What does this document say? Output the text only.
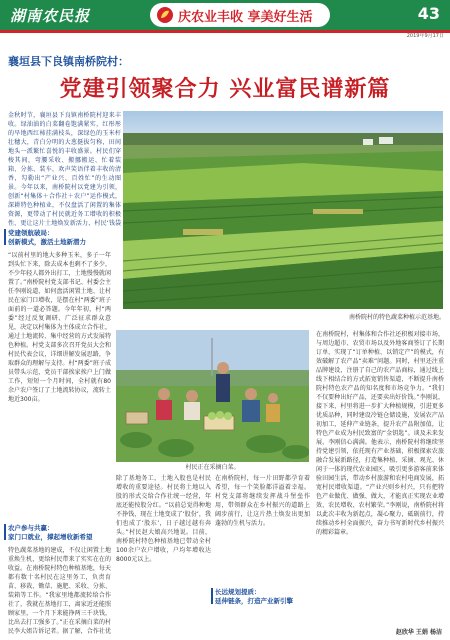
湖南农民报	庆农业丰收 享美好生活	43
2019年9月17日
襄垣县下良镇南桥院村：
党建引领聚合力 兴业富民谱新篇
金秋时节，襄垣县下良镇南桥院村迎来丰收。绿油油的白菜翻卷饱满紧实，红彤彤的旱地西红柿挂满枝头，深绿色的玉米杆壮穗大，青白分明的大葱挺拔匀称，田间地头一派繁忙喜悦的丰收盛景。村民们穿梭其间，弯腰采收、搬挪搬运、忙着装箱、分拣、装车，欢声笑语伴着丰收的清香，勾勒出“产业兴、百姓忙”的生动图景。今年以来，南桥院村以党建为引领，创新“村集体＋合作社＋农户”运作模式，深耕特色种植业，不仅盘活了闲置的集体资源，更带动了村民就近务工增收的积极性，更让这片土地焕发新活力，村民‘钱袋
南桥院村的特色蔬菜种植示范基地。
党建领航破局：
创新模式，激活土地新潜力
“以前村里的地大多种玉米，多子一年到头忙下来，除去成本也剩不了多少，不少年轻人都外出打工，土地慢慢就闲置了。”南桥院村党支部书记、村委会主任李刚说道，如何盘活闲置土地、让村民在家门口增收，是摆在村“两委”班子面前的一道必答题。今年年初，村“两委”经过反复调研、广泛征求群众意见，决定以村集体为主体成立合作社，通过土地流转、集中经营的方式发展特色种植。村党支部多次召开党员大会和村民代表会议，详细讲解发展思路，争取群众的理解与支持。村“两委”班子成员带头示范，党员干部挨家挨户上门做工作，短短一个月时间，全村就有80余户农户签订了土地流转协议，流转土地近300亩。
农户参与共赢：
家门口就业，撑起增收新希望
特色蔬菜基地的建成，不仅让闲置土地重焕生机，更给村民带来了实实在在的收益。在南桥院村特色种植基地，每天都有数十名村民在这里务工，负责育苗、移栽、锄草、施肥、采收、分拣、装箱等工作。“我家里地都流转给合作社了，我就在基地打工，离家近还能照顾家里，一个月下来能挣两三千块钱，比出去打工强多了。”正在采摘白菜的村民李大姐告诉记者。据了解，合作社优
村民正在采摘白菜。
除了基地务工，土地入股也是村民增收的重要途径。村民将土地以入股的形式交给合作社统一经营，年底还能按股分红。“以前总觉得种地不挣钱，现在土地变成了‘股份’，我们也成了‘股东’，日子越过越有奔头。”村民赵大娘高兴地说。目前，南桥院村特色种植基地已带动全村100余户农户增收，户均年增收达8000元以上。
在南桥院村，每一片田野都孕育着希望，每一个笑脸都洋溢着幸福。村党支部将继续发挥战斗堡垒作用，带领群众在乡村振兴的道路上阔步前行，让这片热土焕发出更加蓬勃的生机与活力。
长远规划提质：
延伸链条，打造产业新引擎
在南桥院村，村集体和合作社还积极对接市场，与周边超市、农贸市场以及外地客商签订了长期订单，实现了“订单种植、以销定产”的模式，有效破解了农产品“卖难”问题。同时，村里还注重品牌建设，注册了自己的农产品商标，通过线上线下相结合的方式拓宽销售渠道，不断提升南桥院村特色农产品的知名度和市场竞争力。“我们不仅要种出好产品，还要卖出好价钱。”李刚说，接下来，村里将进一步扩大种植规模，引进更多优质品种，同时建设冷链仓储设施，发展农产品初加工，延伸产业链条，提升农产品附加值，让特色产业成为村民致富的“金钥匙”。谈及未来发展，李刚信心满满。他表示，南桥院村将继续坚持党建引领，依托现有产业基础，积极探索农旅融合发展新路径，打造集种植、采摘、观光、休闲于一体的现代农业园区，吸引更多游客前来体验田园生活，带动乡村旅游和农村电商发展，拓宽村民增收渠道。“产业兴则乡村兴，只有把特色产业做优、做强、做大，才能真正实现农业增效、农民增收、农村繁荣。”李刚说，南桥院村将以此次丰收为新起点，凝心聚力，砥砺前行，持续推动乡村全面振兴，奋力书写新时代乡村振兴的精彩篇章。
赵欣华 王娟 杨洁
